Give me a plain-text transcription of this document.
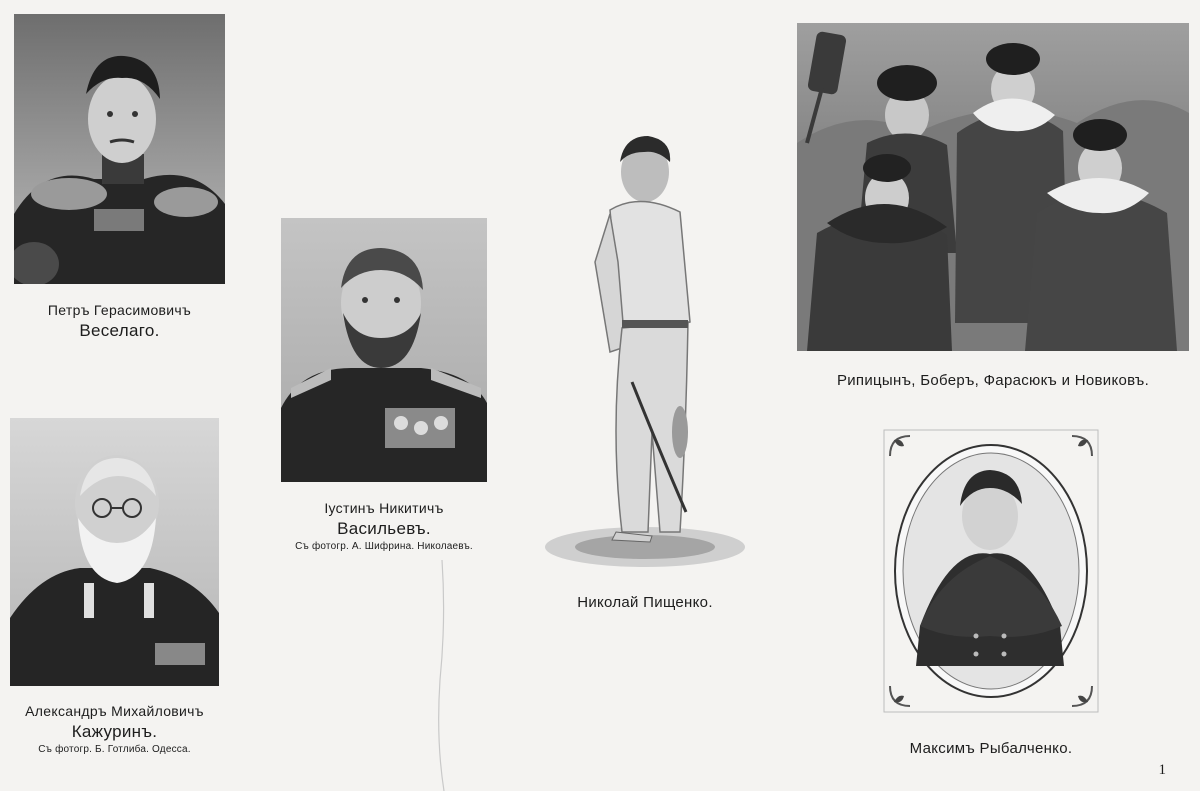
Петръ Герасимовичъ
Веселаго.
Іустинъ Никитичъ
Васильевъ.
Съ фотогр. А. Шифрина. Николаевъ.
Александръ Михайловичъ
Кажуринъ.
Съ фотогр. Б. Готлиба. Одесса.
Николай Пищенко.
Рипицынъ, Боберъ, Фарасюкъ и Новиковъ.
Максимъ Рыбалченко.
1
